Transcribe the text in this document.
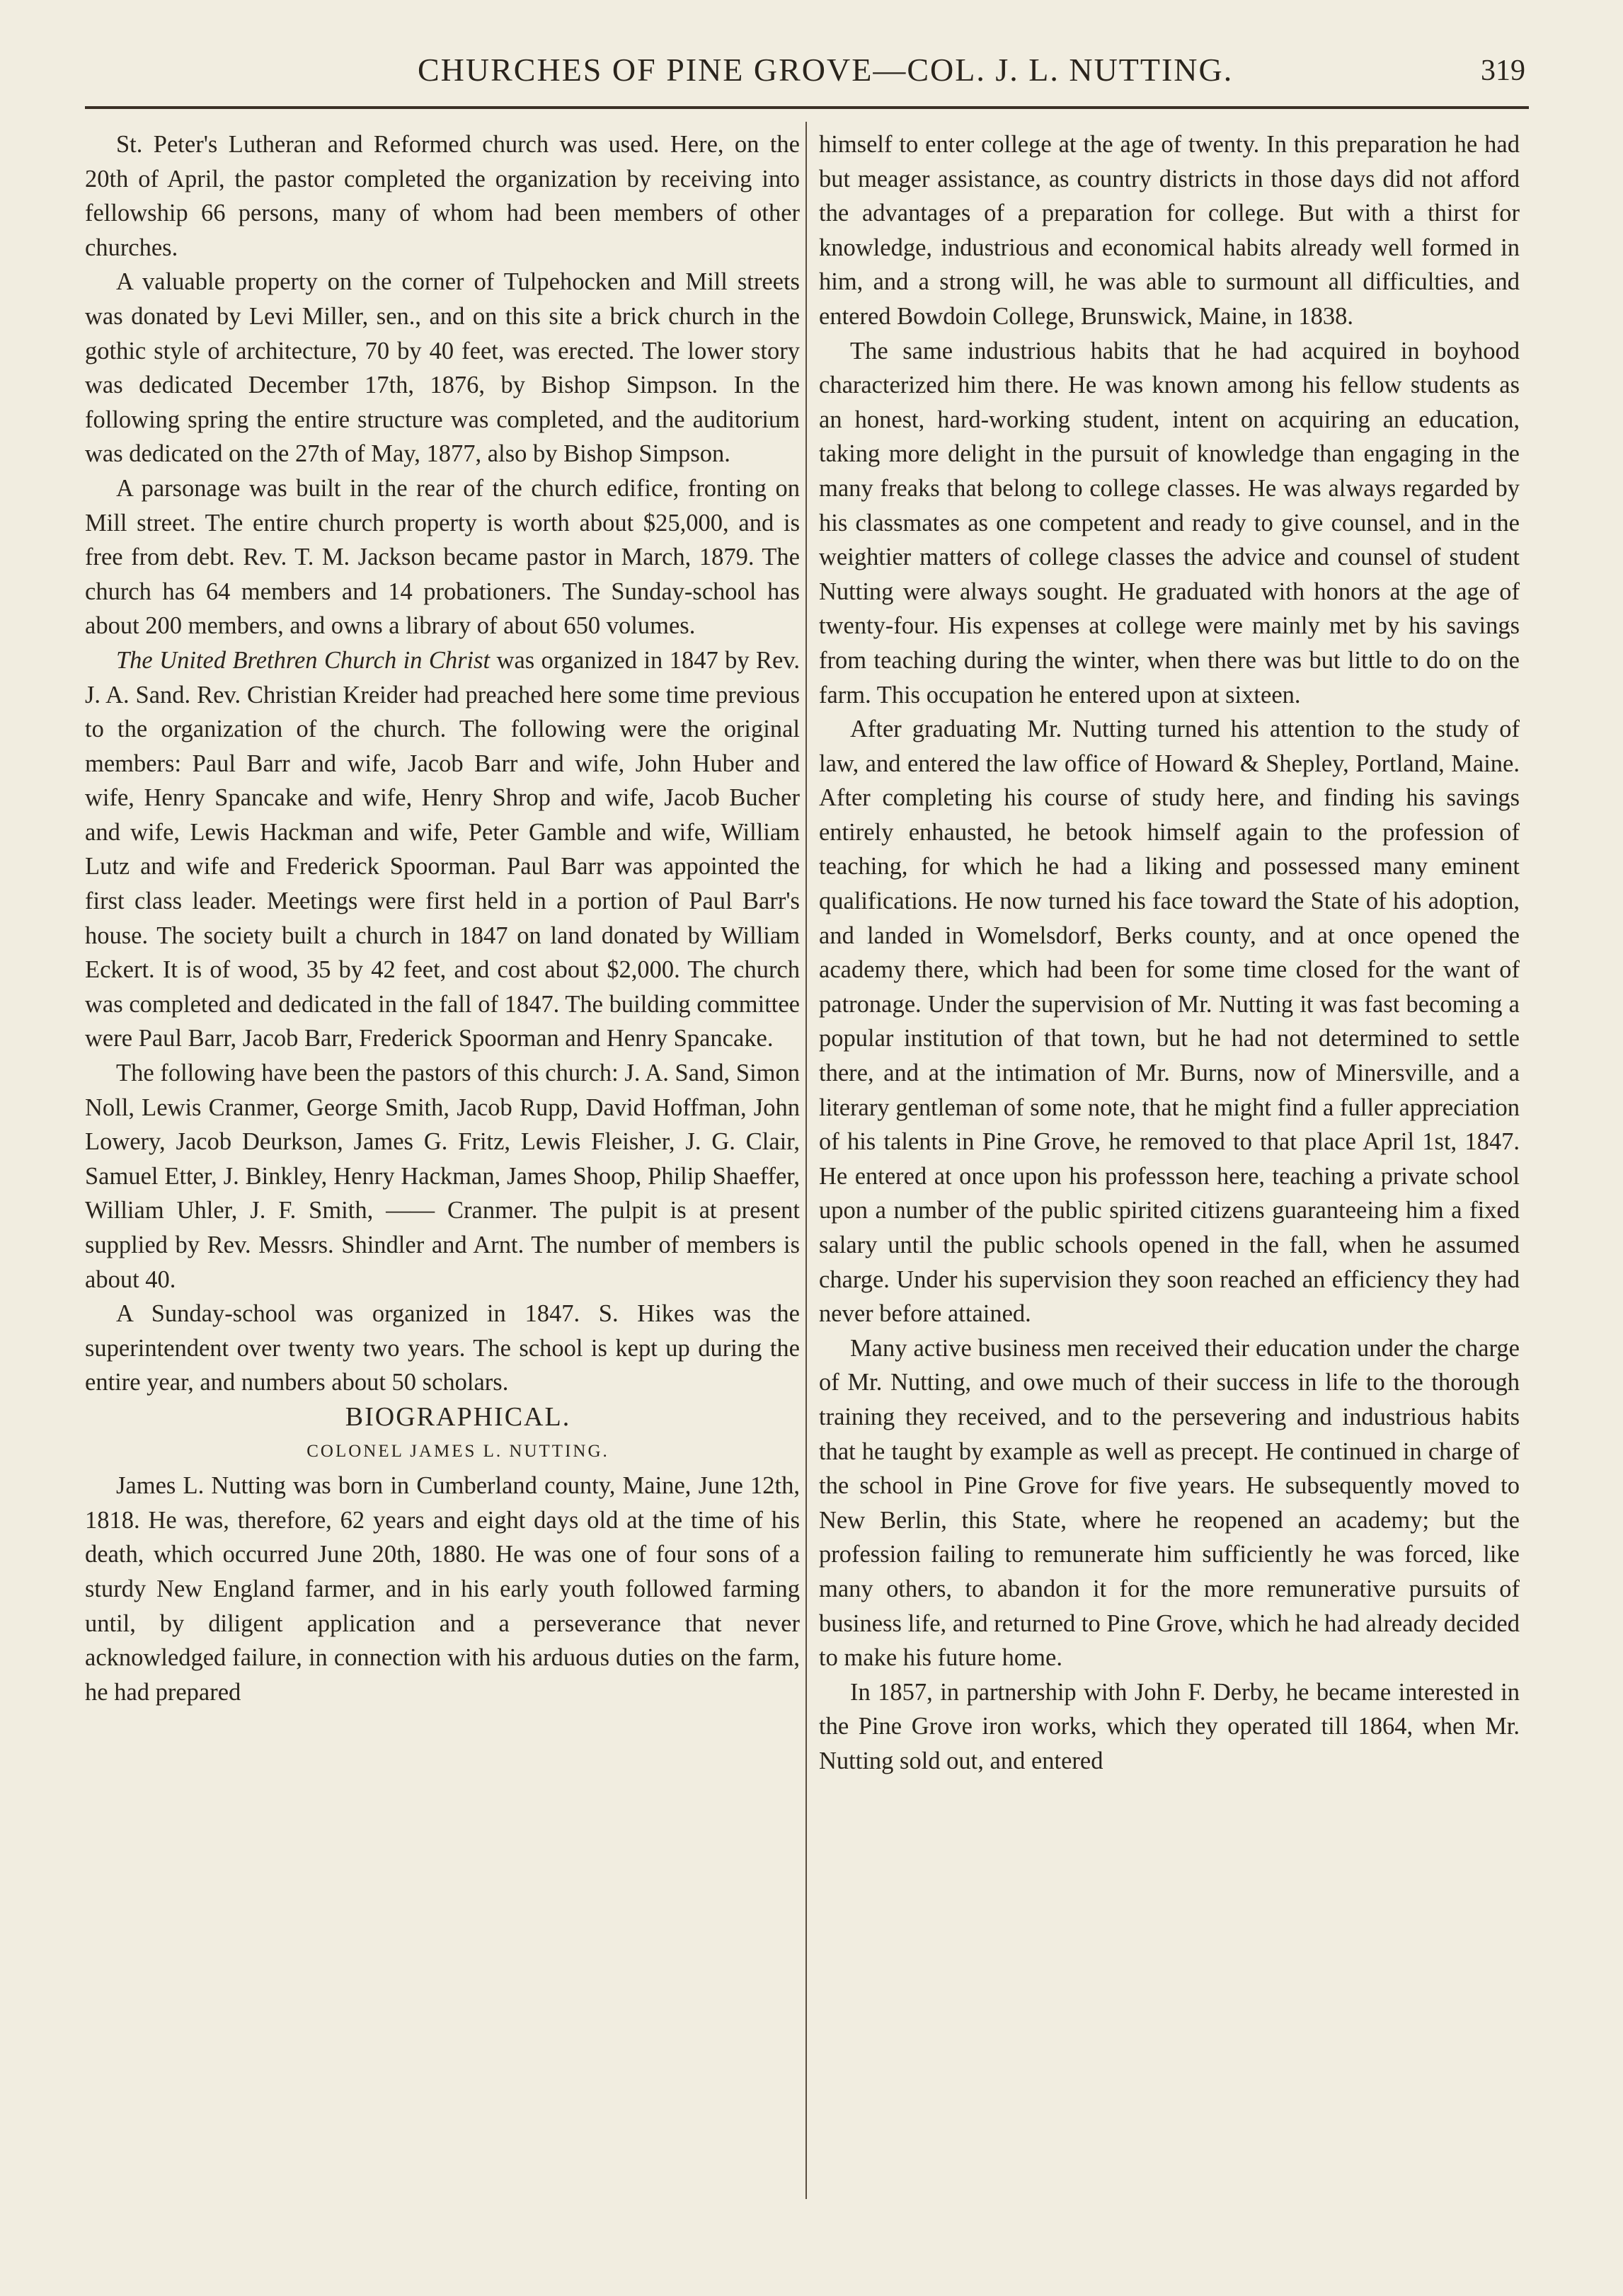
CHURCHES OF PINE GROVE—COL. J. L. NUTTING.	319

St. Peter's Lutheran and Reformed church was used. Here, on the 20th of April, the pastor completed the organization by receiving into fellowship 66 persons, many of whom had been members of other churches.

A valuable property on the corner of Tulpehocken and Mill streets was donated by Levi Miller, sen., and on this site a brick church in the gothic style of architecture, 70 by 40 feet, was erected. The lower story was dedicated December 17th, 1876, by Bishop Simpson. In the following spring the entire structure was completed, and the auditorium was dedicated on the 27th of May, 1877, also by Bishop Simpson.

A parsonage was built in the rear of the church edifice, fronting on Mill street. The entire church property is worth about $25,000, and is free from debt. Rev. T. M. Jackson became pastor in March, 1879. The church has 64 members and 14 probationers. The Sunday-school has about 200 members, and owns a library of about 650 volumes.

The United Brethren Church in Christ was organized in 1847 by Rev. J. A. Sand. Rev. Christian Kreider had preached here some time previous to the organization of the church. The following were the original members: Paul Barr and wife, Jacob Barr and wife, John Huber and wife, Henry Spancake and wife, Henry Shrop and wife, Jacob Bucher and wife, Lewis Hackman and wife, Peter Gamble and wife, William Lutz and wife and Frederick Spoorman. Paul Barr was appointed the first class leader. Meetings were first held in a portion of Paul Barr's house. The society built a church in 1847 on land donated by William Eckert. It is of wood, 35 by 42 feet, and cost about $2,000. The church was completed and dedicated in the fall of 1847. The building committee were Paul Barr, Jacob Barr, Frederick Spoorman and Henry Spancake.

The following have been the pastors of this church: J. A. Sand, Simon Noll, Lewis Cranmer, George Smith, Jacob Rupp, David Hoffman, John Lowery, Jacob Deurkson, James G. Fritz, Lewis Fleisher, J. G. Clair, Samuel Etter, J. Binkley, Henry Hackman, James Shoop, Philip Shaeffer, William Uhler, J. F. Smith, —— Cranmer. The pulpit is at present supplied by Rev. Messrs. Shindler and Arnt. The number of members is about 40.

A Sunday-school was organized in 1847. S. Hikes was the superintendent over twenty two years. The school is kept up during the entire year, and numbers about 50 scholars.

BIOGRAPHICAL.

COLONEL JAMES L. NUTTING.

James L. Nutting was born in Cumberland county, Maine, June 12th, 1818. He was, therefore, 62 years and eight days old at the time of his death, which occurred June 20th, 1880. He was one of four sons of a sturdy New England farmer, and in his early youth followed farming until, by diligent application and a perseverance that never acknowledged failure, in connection with his arduous duties on the farm, he had prepared

himself to enter college at the age of twenty. In this preparation he had but meager assistance, as country districts in those days did not afford the advantages of a preparation for college. But with a thirst for knowledge, industrious and economical habits already well formed in him, and a strong will, he was able to surmount all difficulties, and entered Bowdoin College, Brunswick, Maine, in 1838.

The same industrious habits that he had acquired in boyhood characterized him there. He was known among his fellow students as an honest, hard-working student, intent on acquiring an education, taking more delight in the pursuit of knowledge than engaging in the many freaks that belong to college classes. He was always regarded by his classmates as one competent and ready to give counsel, and in the weightier matters of college classes the advice and counsel of student Nutting were always sought. He graduated with honors at the age of twenty-four. His expenses at college were mainly met by his savings from teaching during the winter, when there was but little to do on the farm. This occupation he entered upon at sixteen.

After graduating Mr. Nutting turned his attention to the study of law, and entered the law office of Howard & Shepley, Portland, Maine. After completing his course of study here, and finding his savings entirely enhausted, he betook himself again to the profession of teaching, for which he had a liking and possessed many eminent qualifications. He now turned his face toward the State of his adoption, and landed in Womelsdorf, Berks county, and at once opened the academy there, which had been for some time closed for the want of patronage. Under the supervision of Mr. Nutting it was fast becoming a popular institution of that town, but he had not determined to settle there, and at the intimation of Mr. Burns, now of Minersville, and a literary gentleman of some note, that he might find a fuller appreciation of his talents in Pine Grove, he removed to that place April 1st, 1847. He entered at once upon his professson here, teaching a private school upon a number of the public spirited citizens guaranteeing him a fixed salary until the public schools opened in the fall, when he assumed charge. Under his supervision they soon reached an efficiency they had never before attained.

Many active business men received their education under the charge of Mr. Nutting, and owe much of their success in life to the thorough training they received, and to the persevering and industrious habits that he taught by example as well as precept. He continued in charge of the school in Pine Grove for five years. He subsequently moved to New Berlin, this State, where he reopened an academy; but the profession failing to remunerate him sufficiently he was forced, like many others, to abandon it for the more remunerative pursuits of business life, and returned to Pine Grove, which he had already decided to make his future home.

In 1857, in partnership with John F. Derby, he became interested in the Pine Grove iron works, which they operated till 1864, when Mr. Nutting sold out, and entered
